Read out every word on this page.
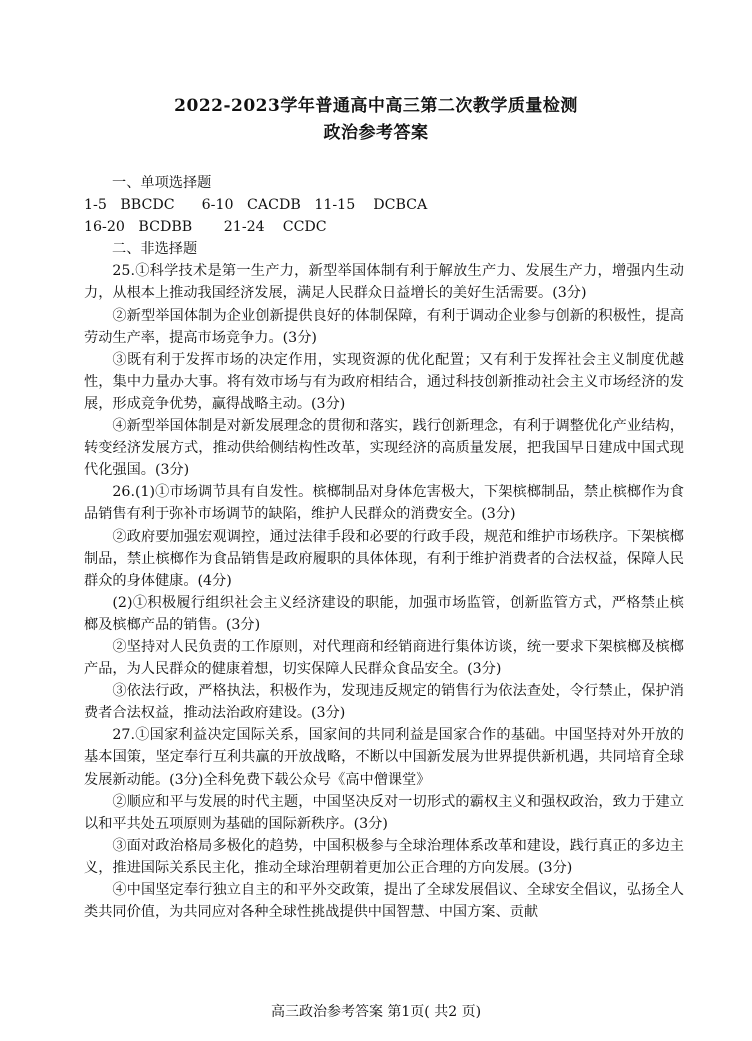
2022-2023学年普通高中高三第二次教学质量检测
政治参考答案

一、单项选择题

1-5   BBCDC      6-10   CACDB   11-15    DCBCA

16-20   BCDBB       21-24    CCDC

二、非选择题

25.①科学技术是第一生产力，新型举国体制有利于解放生产力、发展生产力，增强内生动力，从根本上推动我国经济发展，满足人民群众日益增长的美好生活需要。(3分)

②新型举国体制为企业创新提供良好的体制保障，有利于调动企业参与创新的积极性，提高劳动生产率，提高市场竞争力。(3分)

③既有利于发挥市场的决定作用，实现资源的优化配置；又有利于发挥社会主义制度优越性，集中力量办大事。将有效市场与有为政府相结合，通过科技创新推动社会主义市场经济的发展，形成竞争优势，赢得战略主动。(3分)

④新型举国体制是对新发展理念的贯彻和落实，践行创新理念，有利于调整优化产业结构，转变经济发展方式，推动供给侧结构性改革，实现经济的高质量发展，把我国早日建成中国式现代化强国。(3分)

26.(1)①市场调节具有自发性。槟榔制品对身体危害极大，下架槟榔制品，禁止槟榔作为食品销售有利于弥补市场调节的缺陷，维护人民群众的消费安全。(3分)

②政府要加强宏观调控，通过法律手段和必要的行政手段，规范和维护市场秩序。下架槟榔制品，禁止槟榔作为食品销售是政府履职的具体体现，有利于维护消费者的合法权益，保障人民群众的身体健康。(4分)

(2)①积极履行组织社会主义经济建设的职能，加强市场监管，创新监管方式，严格禁止槟榔及槟榔产品的销售。(3分)

②坚持对人民负责的工作原则，对代理商和经销商进行集体访谈，统一要求下架槟榔及槟榔产品，为人民群众的健康着想，切实保障人民群众食品安全。(3分)

③依法行政，严格执法，积极作为，发现违反规定的销售行为依法查处，令行禁止，保护消费者合法权益，推动法治政府建设。(3分)

27.①国家利益决定国际关系，国家间的共同利益是国家合作的基础。中国坚持对外开放的基本国策，坚定奉行互利共赢的开放战略，不断以中国新发展为世界提供新机遇，共同培育全球发展新动能。(3分)全科免费下载公众号《高中僧课堂》

②顺应和平与发展的时代主题，中国坚决反对一切形式的霸权主义和强权政治，致力于建立以和平共处五项原则为基础的国际新秩序。(3分)

③面对政治格局多极化的趋势，中国积极参与全球治理体系改革和建设，践行真正的多边主义，推进国际关系民主化，推动全球治理朝着更加公正合理的方向发展。(3分)

④中国坚定奉行独立自主的和平外交政策，提出了全球发展倡议、全球安全倡议，弘扬全人类共同价值，为共同应对各种全球性挑战提供中国智慧、中国方案、贡献

高三政治参考答案 第1页( 共2 页)
